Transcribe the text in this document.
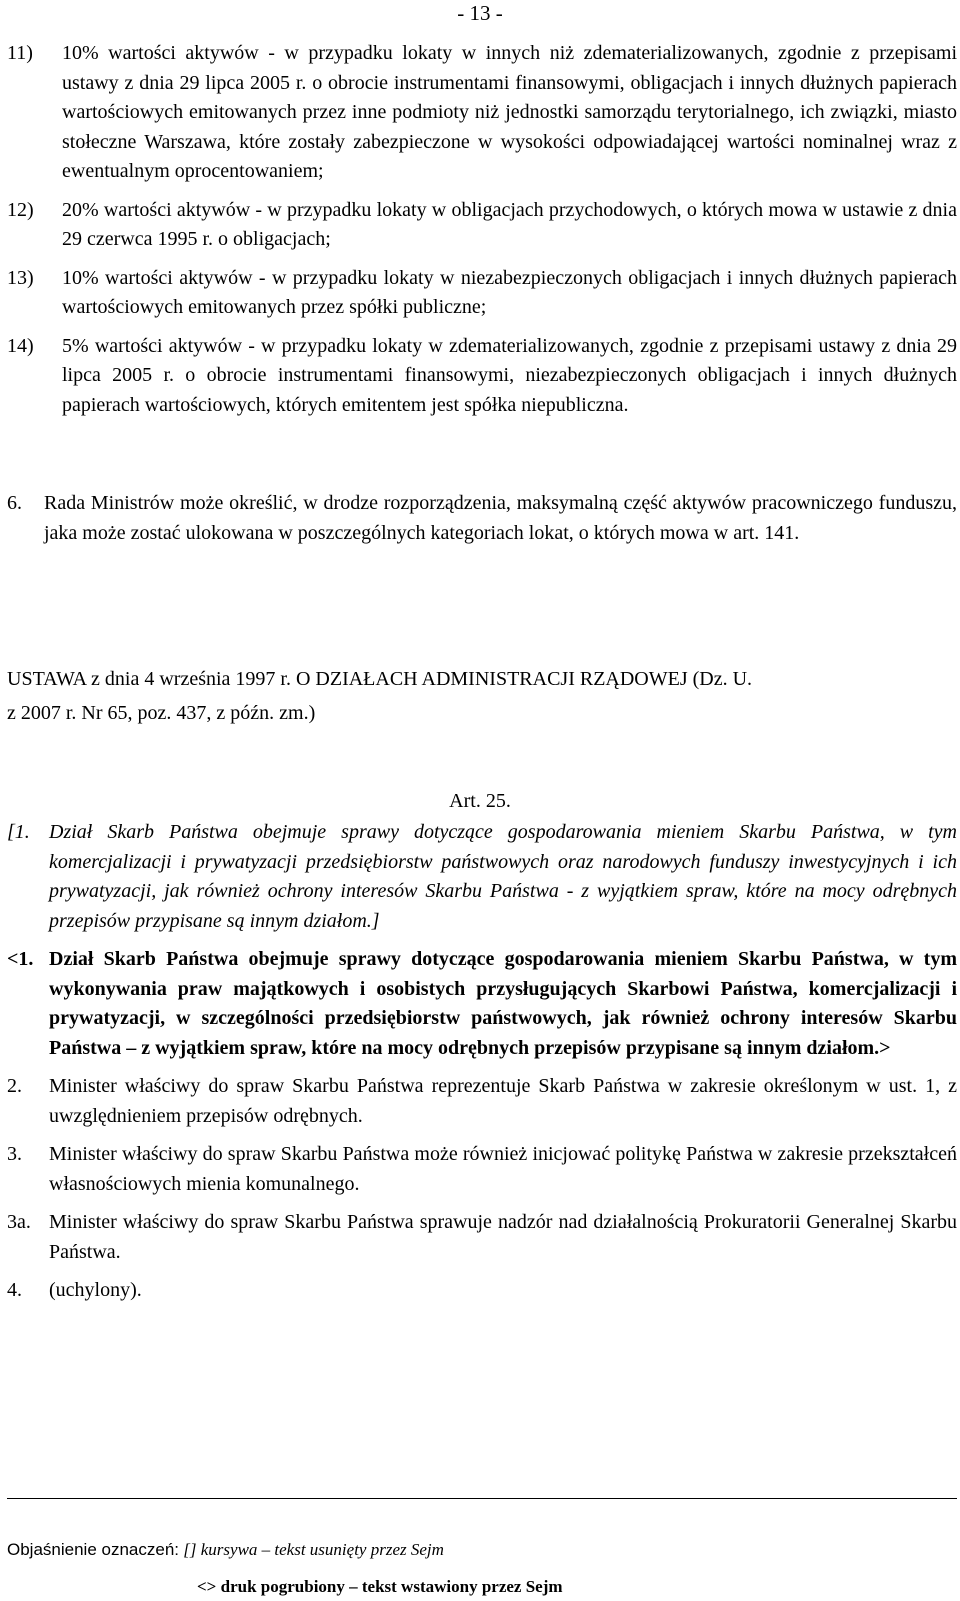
- 13 -

11) 10% wartości aktywów - w przypadku lokaty w innych niż zdematerializowanych, zgodnie z przepisami ustawy z dnia 29 lipca 2005 r. o obrocie instrumentami finansowymi, obligacjach i innych dłużnych papierach wartościowych emitowanych przez inne podmioty niż jednostki samorządu terytorialnego, ich związki, miasto stołeczne Warszawa, które zostały zabezpieczone w wysokości odpowiadającej wartości nominalnej wraz z ewentualnym oprocentowaniem;

12) 20% wartości aktywów - w przypadku lokaty w obligacjach przychodowych, o których mowa w ustawie z dnia 29 czerwca 1995 r. o obligacjach;

13) 10% wartości aktywów - w przypadku lokaty w niezabezpieczonych obligacjach i innych dłużnych papierach wartościowych emitowanych przez spółki publiczne;

14) 5% wartości aktywów - w przypadku lokaty w zdematerializowanych, zgodnie z przepisami ustawy z dnia 29 lipca 2005 r. o obrocie instrumentami finansowymi, niezabezpieczonych obligacjach i innych dłużnych papierach wartościowych, których emitentem jest spółka niepubliczna.

6.	Rada Ministrów może określić, w drodze rozporządzenia, maksymalną część aktywów pracowniczego funduszu, jaka może zostać ulokowana w poszczególnych kategoriach lokat, o których mowa w art. 141.
USTAWA z dnia 4 września 1997 r. O DZIAŁACH ADMINISTRACJI RZĄDOWEJ (Dz. U.
z 2007 r. Nr 65, poz. 437, z późn. zm.)
Art. 25.

[1. Dział Skarb Państwa obejmuje sprawy dotyczące gospodarowania mieniem Skarbu Państwa, w tym komercjalizacji i prywatyzacji przedsiębiorstw państwowych oraz narodowych funduszy inwestycyjnych i ich prywatyzacji, jak również ochrony interesów Skarbu Państwa - z wyjątkiem spraw, które na mocy odrębnych przepisów przypisane są innym działom.]

<1. Dział Skarb Państwa obejmuje sprawy dotyczące gospodarowania mieniem Skarbu Państwa, w tym wykonywania praw majątkowych i osobistych przysługujących Skarbowi Państwa, komercjalizacji i prywatyzacji, w szczególności przedsiębiorstw państwowych, jak również ochrony interesów Skarbu Państwa – z wyjątkiem spraw, które na mocy odrębnych przepisów przypisane są innym działom.>

2. Minister właściwy do spraw Skarbu Państwa reprezentuje Skarb Państwa w zakresie określonym w ust. 1, z uwzględnieniem przepisów odrębnych.

3. Minister właściwy do spraw Skarbu Państwa może również inicjować politykę Państwa w zakresie przekształceń własnościowych mienia komunalnego.

3a. Minister właściwy do spraw Skarbu Państwa sprawuje nadzór nad działalnością Prokuratorii Generalnej Skarbu Państwa.

4. (uchylony).

Objaśnienie oznaczeń: [] kursywa – tekst usunięty przez Sejm
<> druk pogrubiony – tekst wstawiony przez Sejm
